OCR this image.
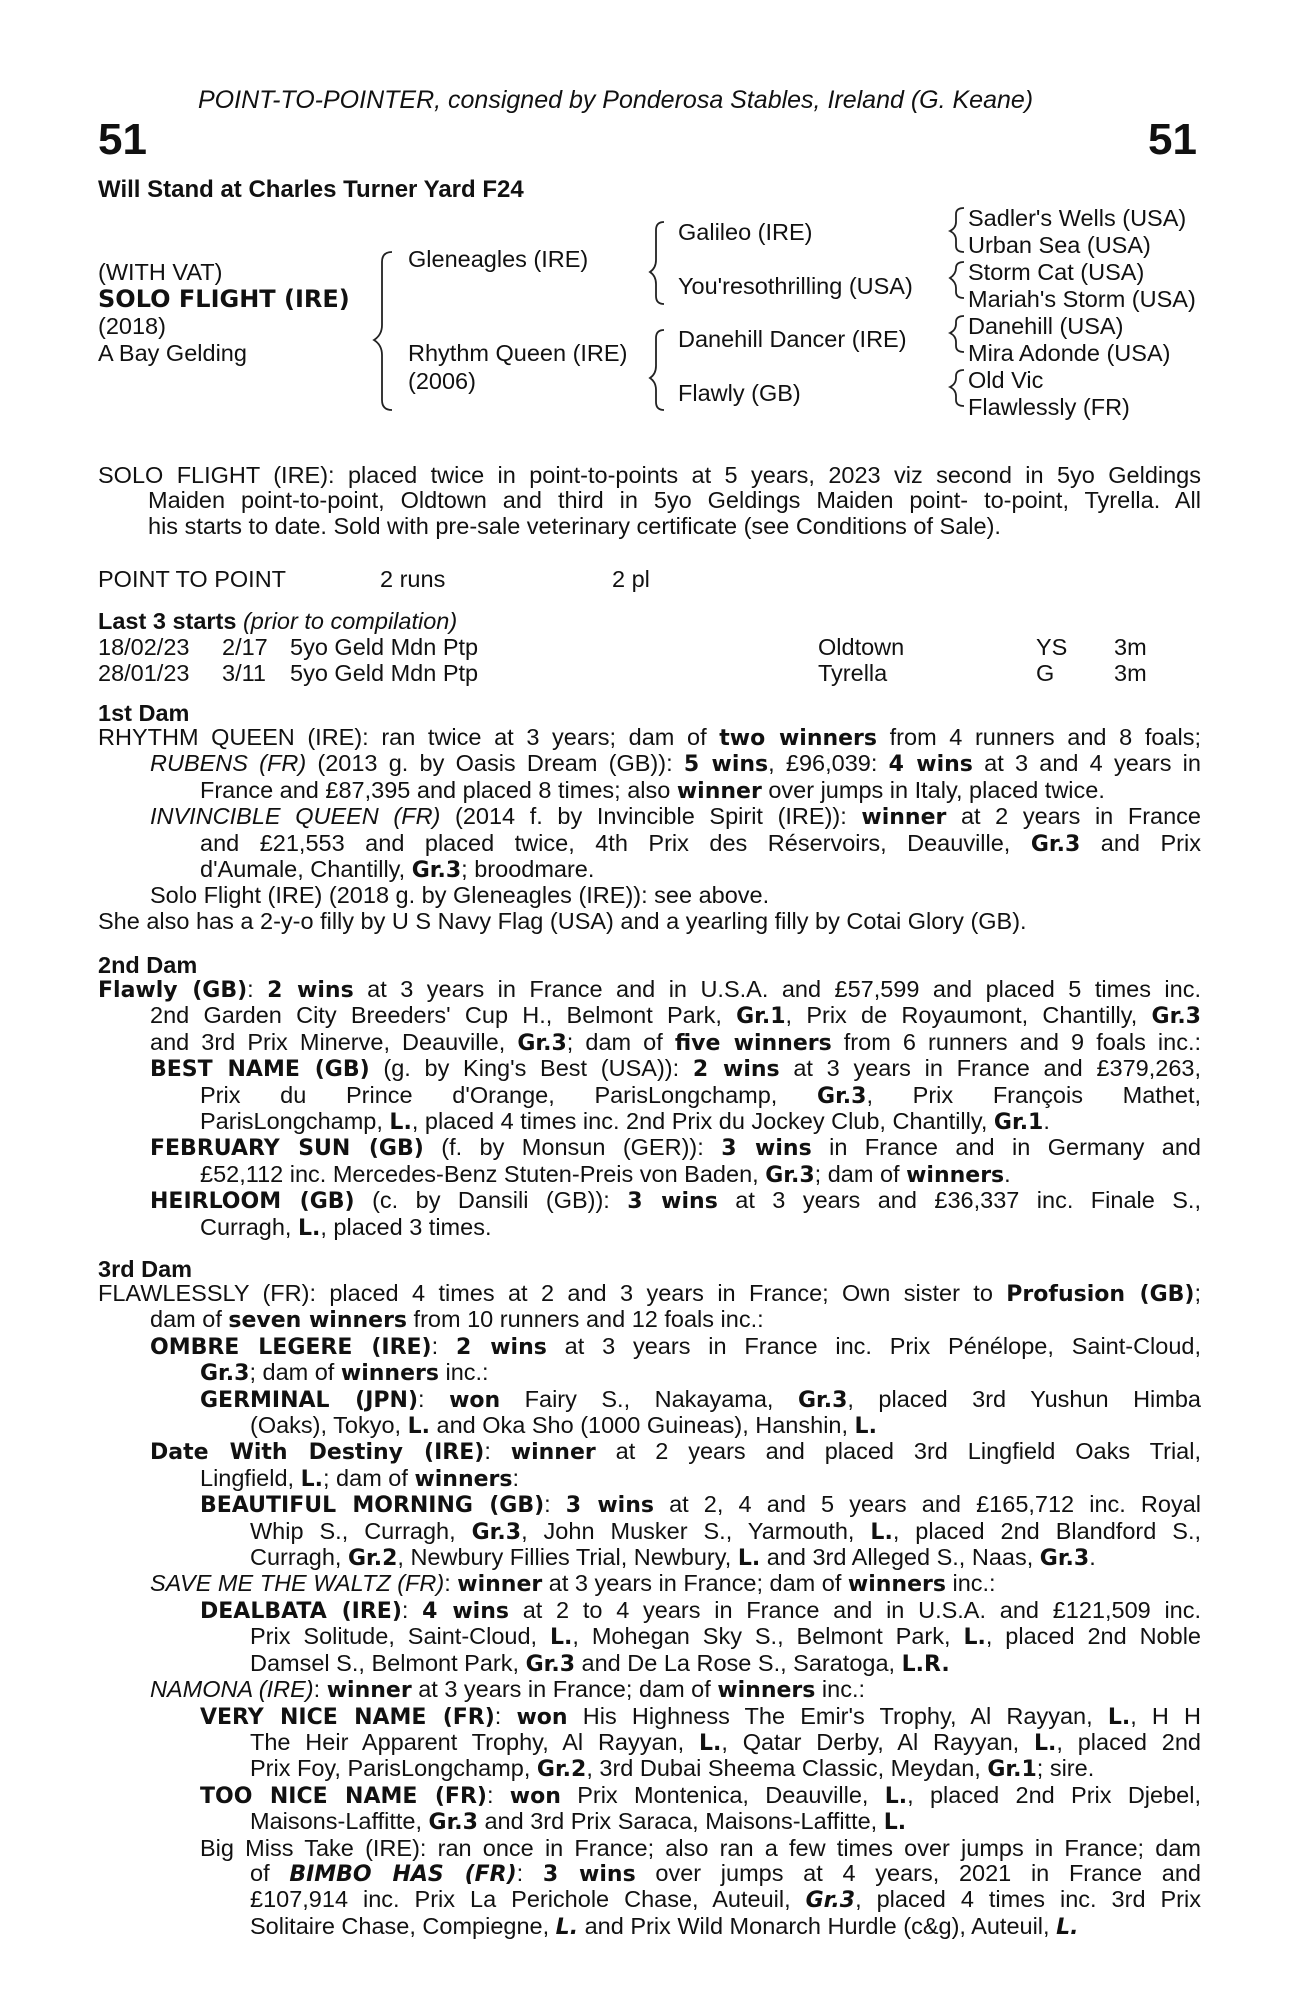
POINT-TO-POINTER, consigned by Ponderosa Stables, Ireland (G. Keane)
51	51
Will Stand at Charles Turner Yard F24
(WITH VAT)
SOLO FLIGHT (IRE)
(2018)
A Bay Gelding
Gleneagles (IRE)
Rhythm Queen (IRE)
(2006)
Galileo (IRE)
You'resothrilling (USA)
Danehill Dancer (IRE)
Flawly (GB)
Sadler's Wells (USA)
Urban Sea (USA)
Storm Cat (USA)
Mariah's Storm (USA)
Danehill (USA)
Mira Adonde (USA)
Old Vic
Flawlessly (FR)
SOLO FLIGHT (IRE): placed twice in point-to-points at 5 years, 2023 viz second in 5yo Geldings
Maiden point-to-point, Oldtown and third in 5yo Geldings Maiden point- to-point, Tyrella. All
his starts to date. Sold with pre-sale veterinary certificate (see Conditions of Sale).
POINT TO POINT	2 runs	2 pl
Last 3 starts (prior to compilation)
18/02/23 2/17 5yo Geld Mdn Ptp	Oldtown	YS 3m
28/01/23 3/11 5yo Geld Mdn Ptp	Tyrella	G	3m
1st Dam
RHYTHM QUEEN (IRE): ran twice at 3 years; dam of two winners from 4 runners and 8 foals;
RUBENS (FR) (2013 g. by Oasis Dream (GB)): 5 wins, £96,039: 4 wins at 3 and 4 years in
France and £87,395 and placed 8 times; also winner over jumps in Italy, placed twice.
INVINCIBLE QUEEN (FR) (2014 f. by Invincible Spirit (IRE)): winner at 2 years in France
and £21,553 and placed twice, 4th Prix des Réservoirs, Deauville, Gr.3 and Prix
d'Aumale, Chantilly, Gr.3; broodmare.
Solo Flight (IRE) (2018 g. by Gleneagles (IRE)): see above.
She also has a 2-y-o filly by U S Navy Flag (USA) and a yearling filly by Cotai Glory (GB).
2nd Dam
Flawly (GB): 2 wins at 3 years in France and in U.S.A. and £57,599 and placed 5 times inc.
2nd Garden City Breeders' Cup H., Belmont Park, Gr.1, Prix de Royaumont, Chantilly, Gr.3
and 3rd Prix Minerve, Deauville, Gr.3; dam of five winners from 6 runners and 9 foals inc.:
BEST NAME (GB) (g. by King's Best (USA)): 2 wins at 3 years in France and £379,263,
Prix du Prince d'Orange, ParisLongchamp, Gr.3, Prix François Mathet,
ParisLongchamp, L., placed 4 times inc. 2nd Prix du Jockey Club, Chantilly, Gr.1.
FEBRUARY SUN (GB) (f. by Monsun (GER)): 3 wins in France and in Germany and
£52,112 inc. Mercedes-Benz Stuten-Preis von Baden, Gr.3; dam of winners.
HEIRLOOM (GB) (c. by Dansili (GB)): 3 wins at 3 years and £36,337 inc. Finale S.,
Curragh, L., placed 3 times.
3rd Dam
FLAWLESSLY (FR): placed 4 times at 2 and 3 years in France; Own sister to Profusion (GB);
dam of seven winners from 10 runners and 12 foals inc.:
OMBRE LEGERE (IRE): 2 wins at 3 years in France inc. Prix Pénélope, Saint-Cloud,
Gr.3; dam of winners inc.:
GERMINAL (JPN): won Fairy S., Nakayama, Gr.3, placed 3rd Yushun Himba
(Oaks), Tokyo, L. and Oka Sho (1000 Guineas), Hanshin, L.
Date With Destiny (IRE): winner at 2 years and placed 3rd Lingfield Oaks Trial,
Lingfield, L.; dam of winners:
BEAUTIFUL MORNING (GB): 3 wins at 2, 4 and 5 years and £165,712 inc. Royal
Whip S., Curragh, Gr.3, John Musker S., Yarmouth, L., placed 2nd Blandford S.,
Curragh, Gr.2, Newbury Fillies Trial, Newbury, L. and 3rd Alleged S., Naas, Gr.3.
SAVE ME THE WALTZ (FR): winner at 3 years in France; dam of winners inc.:
DEALBATA (IRE): 4 wins at 2 to 4 years in France and in U.S.A. and £121,509 inc.
Prix Solitude, Saint-Cloud, L., Mohegan Sky S., Belmont Park, L., placed 2nd Noble
Damsel S., Belmont Park, Gr.3 and De La Rose S., Saratoga, L.R.
NAMONA (IRE): winner at 3 years in France; dam of winners inc.:
VERY NICE NAME (FR): won His Highness The Emir's Trophy, Al Rayyan, L., H H
The Heir Apparent Trophy, Al Rayyan, L., Qatar Derby, Al Rayyan, L., placed 2nd
Prix Foy, ParisLongchamp, Gr.2, 3rd Dubai Sheema Classic, Meydan, Gr.1; sire.
TOO NICE NAME (FR): won Prix Montenica, Deauville, L., placed 2nd Prix Djebel,
Maisons-Laffitte, Gr.3 and 3rd Prix Saraca, Maisons-Laffitte, L.
Big Miss Take (IRE): ran once in France; also ran a few times over jumps in France; dam
of BIMBO HAS (FR): 3 wins over jumps at 4 years, 2021 in France and
£107,914 inc. Prix La Perichole Chase, Auteuil, Gr.3, placed 4 times inc. 3rd Prix
Solitaire Chase, Compiegne, L. and Prix Wild Monarch Hurdle (c&g), Auteuil, L.
